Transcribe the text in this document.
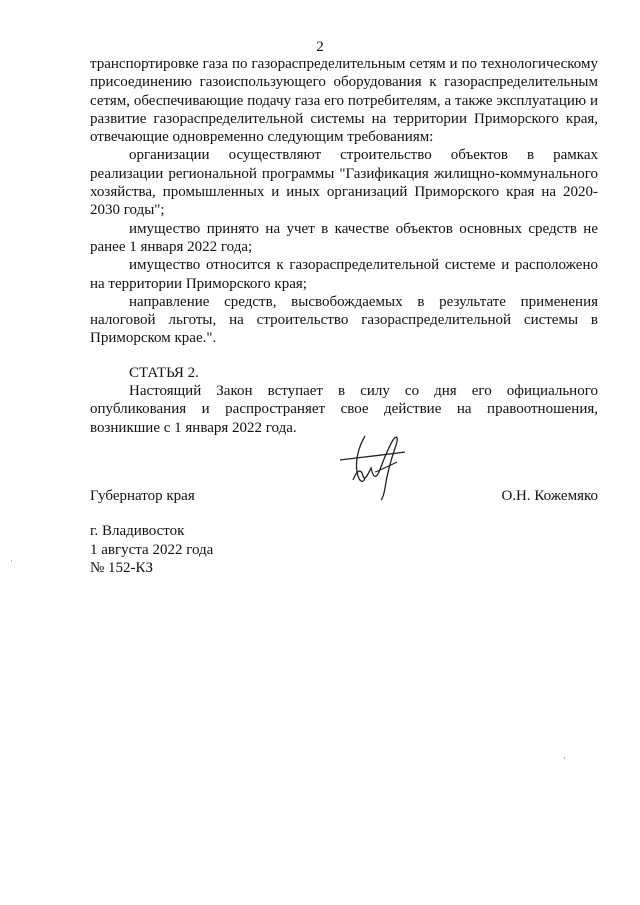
2

транспортировке газа по газораспределительным сетям и по технологическому присоединению газоиспользующего оборудования к газораспределительным сетям, обеспечивающие подачу газа его потребителям, а также эксплуатацию и развитие газораспределительной системы на территории Приморского края, отвечающие одновременно следующим требованиям:

организации осуществляют строительство объектов в рамках реализации региональной программы "Газификация жилищно-коммунального хозяйства, промышленных и иных организаций Приморского края на 2020-2030 годы";

имущество принято на учет в качестве объектов основных средств не ранее 1 января 2022 года;

имущество относится к газораспределительной системе и расположено на территории Приморского края;

направление средств, высвобождаемых в результате применения налоговой льготы, на строительство газораспределительной системы в Приморском крае.".

СТАТЬЯ 2.

Настоящий Закон вступает в силу со дня его официального опубликования и распространяет свое действие на правоотношения, возникшие с 1 января 2022 года.

Губернатор края	О.Н. Кожемяко
г. Владивосток
1 августа 2022 года
№ 152-КЗ
